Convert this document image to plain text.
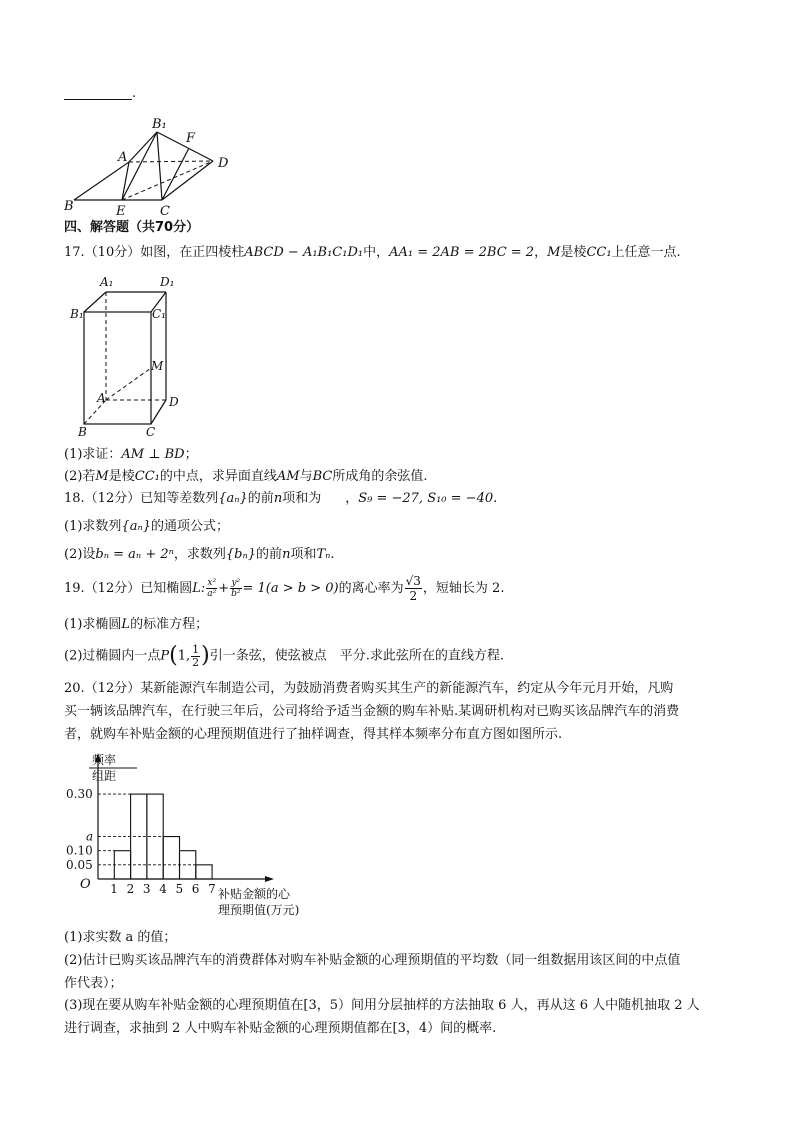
.
B₁
F
A	D
B	E	C
四、解答题（共70分）
17.（10分）如图，在正四棱柱ABCD − A₁B₁C₁D₁中，AA₁ = 2AB = 2BC = 2，M是棱CC₁上任意一点.
A₁	D₁
B₁	C₁
M
A	D
B	C
(1)求证：AM ⊥ BD；
(2)若M是棱CC₁的中点，求异面直线AM与BC所成角的余弦值.
18.（12分）已知等差数列{aₙ}的前n项和为 ，S₉ = −27, S₁₀ = −40.
(1)求数列{aₙ}的通项公式；
(2)设bₙ = aₙ + 2ⁿ，求数列{bₙ}的前n项和Tₙ.
19.（12分）已知椭圆L: $\frac{\text{x²}}{\text{a²}} + \frac{\text{y²}}{\text{b²}} = 1(a > b > 0)$的离心率为 $\frac{√3}{2}$ ，短轴长为 2.
(1)求椭圆L的标准方程；
(2)过椭圆内一点P(1, $\frac{1}{2}$ )引一条弦，使弦被点　平分.求此弦所在的直线方程.
20.（12分）某新能源汽车制造公司，为鼓励消费者购买其生产的新能源汽车，约定从今年元月开始，凡购
买一辆该品牌汽车，在行驶三年后，公司将给予适当金额的购车补贴.某调研机构对已购买该品牌汽车的消费
者，就购车补贴金额的心理预期值进行了抽样调查，得其样本频率分布直方图如图所示.
频率
组距
O
补贴金额的心
理预期值(万元)
0.30
a
0.10
0.05
1 2 3 4 5 6 7
(1)求实数 a 的值；
(2)估计已购买该品牌汽车的消费群体对购车补贴金额的心理预期值的平均数（同一组数据用该区间的中点值
作代表）；
(3)现在要从购车补贴金额的心理预期值在[3，5）间用分层抽样的方法抽取 6 人，再从这 6 人中随机抽取 2 人
进行调查，求抽到 2 人中购车补贴金额的心理预期值都在[3，4）间的概率.
